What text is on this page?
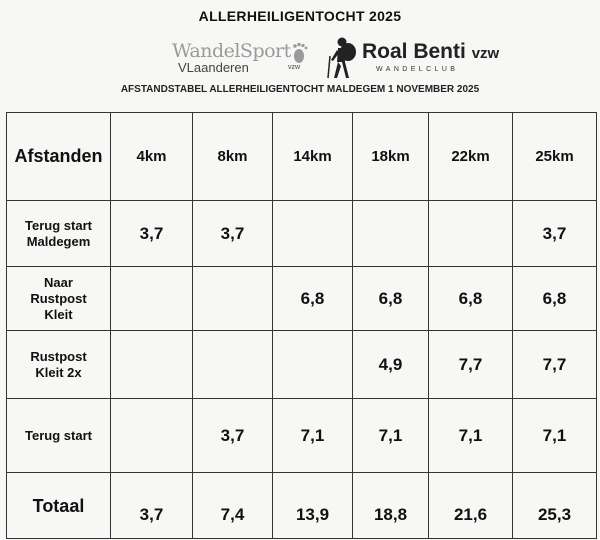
ALLERHEILIGENTOCHT 2025
WandelSport
VLaanderen	vzw
Roal Benti vzw
WANDELCLUB
AFSTANDSTABEL ALLERHEILIGENTOCHT MALDEGEM 1 NOVEMBER 2025
Afstanden	4km	8km	14km	18km	22km	25km
Terug start
Maldegem	3,7	3,7				3,7
Naar
Rustpost
Kleit			6,8	6,8	6,8	6,8
Rustpost
Kleit 2x				4,9	7,7	7,7
Terug start		3,7	7,1	7,1	7,1	7,1
Totaal	3,7	7,4	13,9	18,8	21,6	25,3
